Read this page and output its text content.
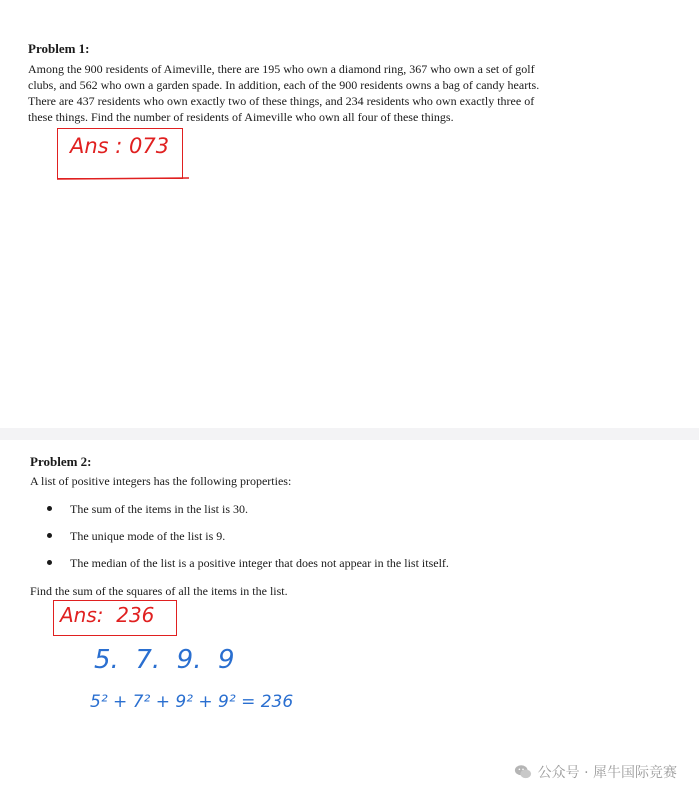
Problem 1:
Among the 900 residents of Aimeville, there are 195 who own a diamond ring, 367 who own a set of golf
clubs, and 562 who own a garden spade. In addition, each of the 900 residents owns a bag of candy hearts.
There are 437 residents who own exactly two of these things, and 234 residents who own exactly three of
these things. Find the number of residents of Aimeville who own all four of these things.
Ans : 073
Problem 2:
A list of positive integers has the following properties:
The sum of the items in the list is 30.
The unique mode of the list is 9.
The median of the list is a positive integer that does not appear in the list itself.
Find the sum of the squares of all the items in the list.
Ans:  236
5.  7.  9.  9
5² + 7² + 9² + 9² = 236
公众号 · 犀牛国际竞赛
